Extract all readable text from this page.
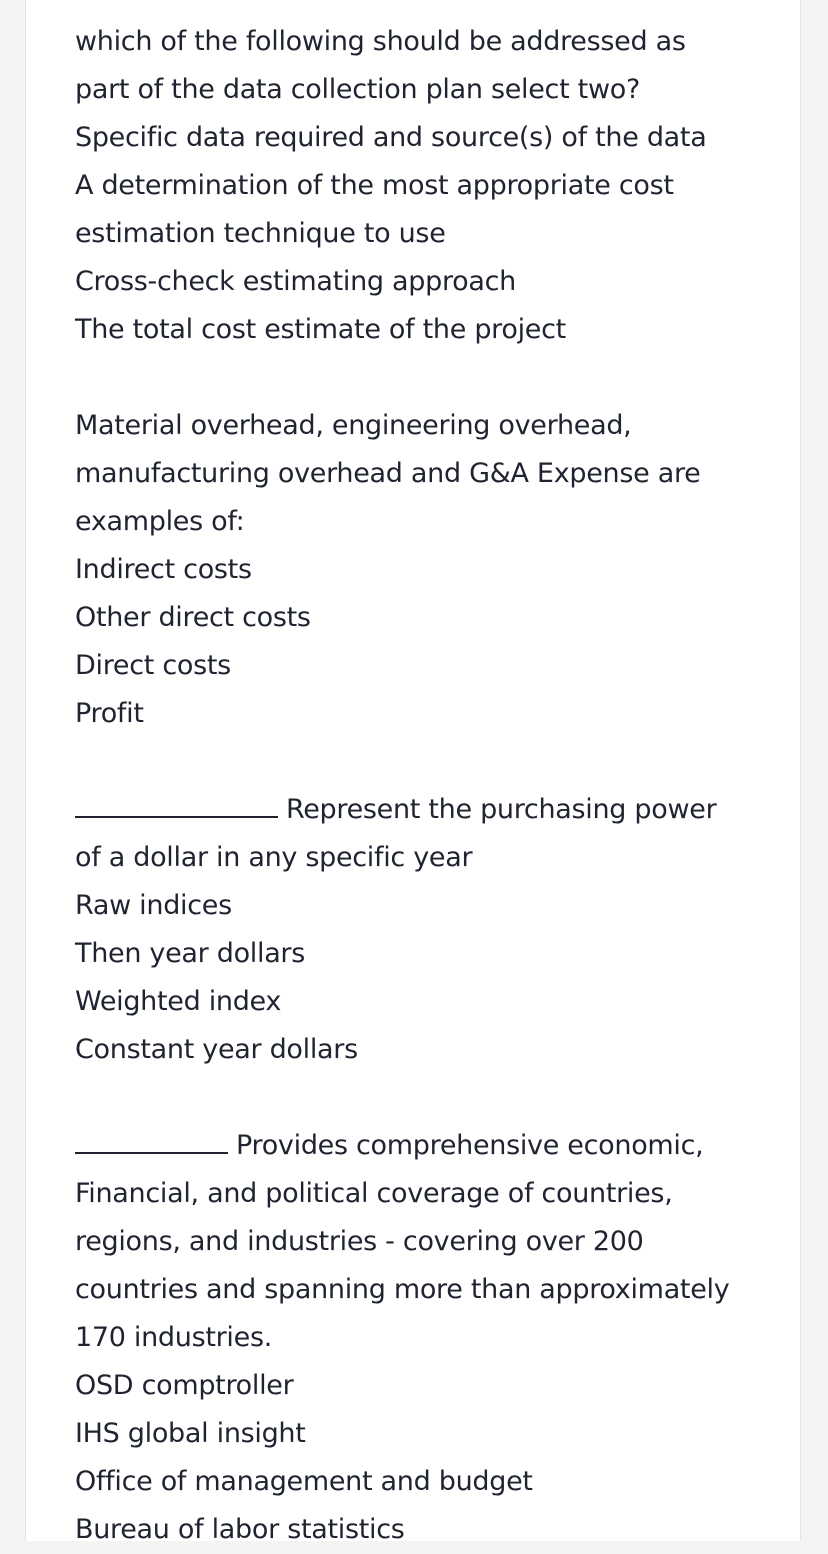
which of the following should be addressed as
part of the data collection plan select two?
Specific data required and source(s) of the data
A determination of the most appropriate cost
estimation technique to use
Cross-check estimating approach
The total cost estimate of the project
Material overhead, engineering overhead,
manufacturing overhead and G&A Expense are
examples of:
Indirect costs
Other direct costs
Direct costs
Profit
Represent the purchasing power
of a dollar in any specific year
Raw indices
Then year dollars
Weighted index
Constant year dollars
Provides comprehensive economic,
Financial, and political coverage of countries,
regions, and industries - covering over 200
countries and spanning more than approximately
170 industries.
OSD comptroller
IHS global insight
Office of management and budget
Bureau of labor statistics
